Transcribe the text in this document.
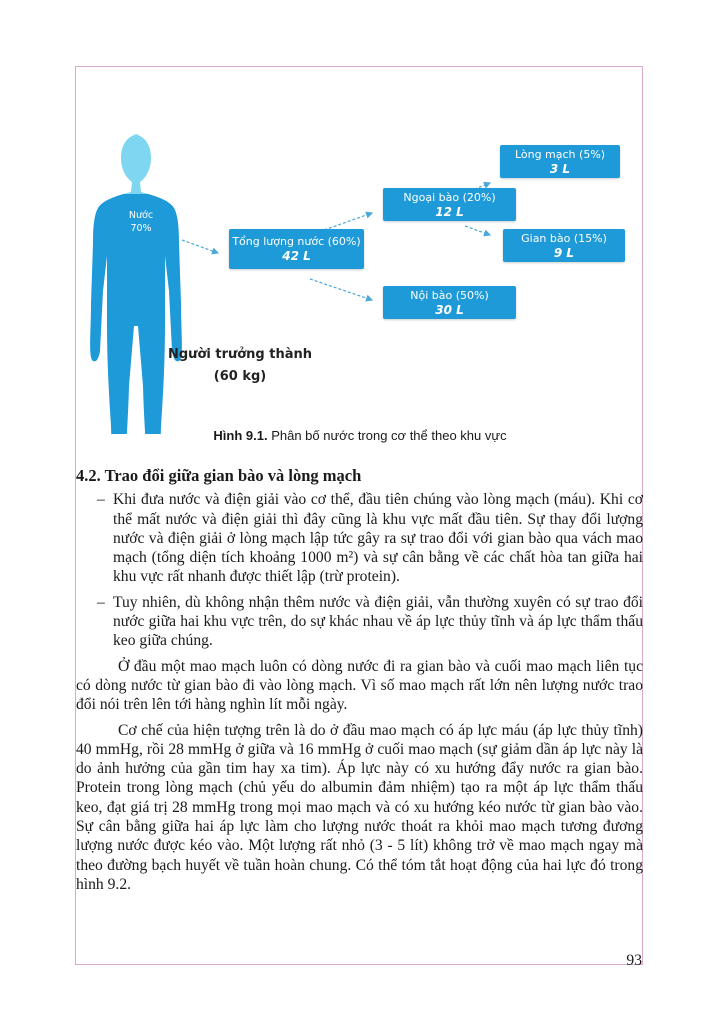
Nước
70%
Tổng lượng nước (60%)
42 L
Ngoại bào (20%)
12 L
Nội bào (50%)
30 L
Lòng mạch (5%)
3 L
Gian bào (15%)
9 L
Người trưởng thành
(60 kg)
Hình 9.1. Phân bố nước trong cơ thể theo khu vực
4.2. Trao đổi giữa gian bào và lòng mạch
– Khi đưa nước và điện giải vào cơ thể, đầu tiên chúng vào lòng mạch (máu). Khi cơ thể mất nước và điện giải thì đây cũng là khu vực mất đầu tiên. Sự thay đổi lượng nước và điện giải ở lòng mạch lập tức gây ra sự trao đổi với gian bào qua vách mao mạch (tổng diện tích khoảng 1000 m²) và sự cân bằng về các chất hòa tan giữa hai khu vực rất nhanh được thiết lập (trừ protein).
– Tuy nhiên, dù không nhận thêm nước và điện giải, vẫn thường xuyên có sự trao đổi nước giữa hai khu vực trên, do sự khác nhau về áp lực thủy tĩnh và áp lực thẩm thấu keo giữa chúng.

Ở đầu một mao mạch luôn có dòng nước đi ra gian bào và cuối mao mạch liên tục có dòng nước từ gian bào đi vào lòng mạch. Vì số mao mạch rất lớn nên lượng nước trao đổi nói trên lên tới hàng nghìn lít mỗi ngày.

Cơ chế của hiện tượng trên là do ở đầu mao mạch có áp lực máu (áp lực thủy tĩnh) 40 mmHg, rồi 28 mmHg ở giữa và 16 mmHg ở cuối mao mạch (sự giảm dần áp lực này là do ảnh hưởng của gần tim hay xa tim). Áp lực này có xu hướng đẩy nước ra gian bào. Protein trong lòng mạch (chủ yếu do albumin đảm nhiệm) tạo ra một áp lực thẩm thấu keo, đạt giá trị 28 mmHg trong mọi mao mạch và có xu hướng kéo nước từ gian bào vào. Sự cân bằng giữa hai áp lực làm cho lượng nước thoát ra khỏi mao mạch tương đương lượng nước được kéo vào. Một lượng rất nhỏ (3 - 5 lít) không trở về mao mạch ngay mà theo đường bạch huyết về tuần hoàn chung. Có thể tóm tắt hoạt động của hai lực đó trong hình 9.2.

93
